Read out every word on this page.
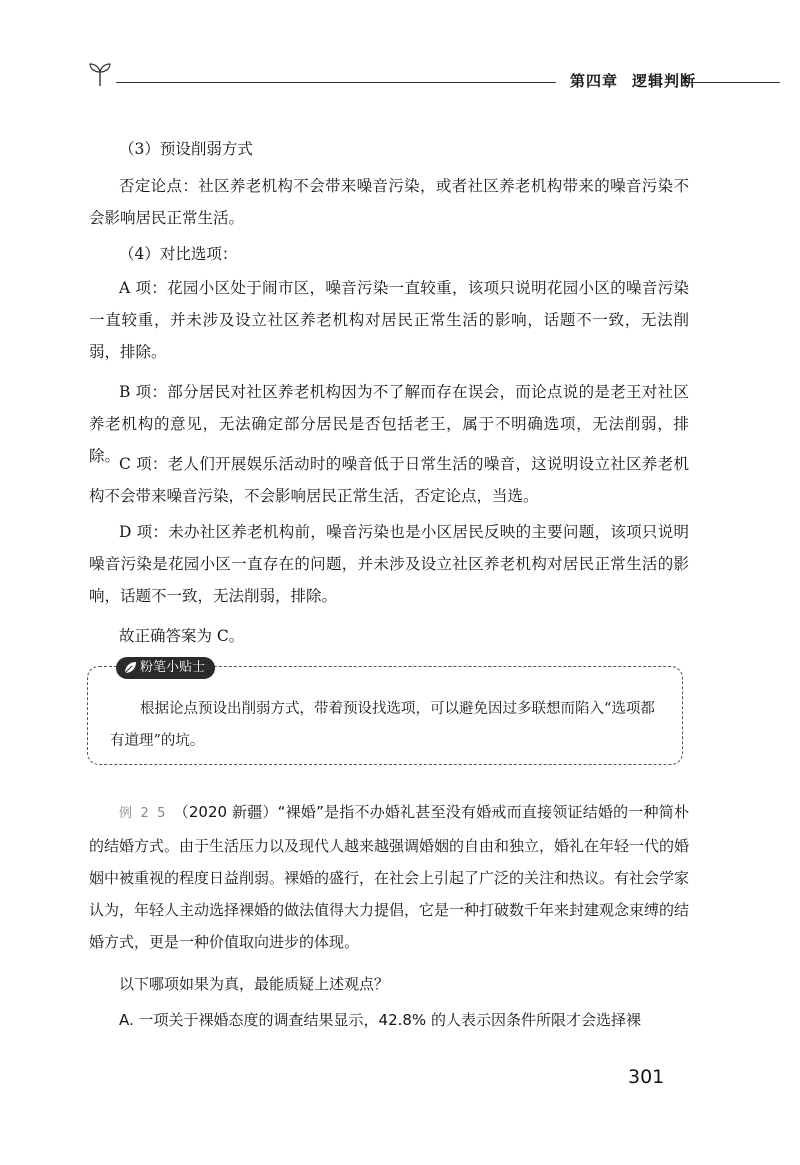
第四章 逻辑判断

（3）预设削弱方式

否定论点：社区养老机构不会带来噪音污染，或者社区养老机构带来的噪音污染不会影响居民正常生活。

（4）对比选项：

A 项：花园小区处于闹市区，噪音污染一直较重，该项只说明花园小区的噪音污染一直较重，并未涉及设立社区养老机构对居民正常生活的影响，话题不一致，无法削弱，排除。

B 项：部分居民对社区养老机构因为不了解而存在误会，而论点说的是老王对社区养老机构的意见，无法确定部分居民是否包括老王，属于不明确选项，无法削弱，排除。

C 项：老人们开展娱乐活动时的噪音低于日常生活的噪音，这说明设立社区养老机构不会带来噪音污染，不会影响居民正常生活，否定论点，当选。

D 项：未办社区养老机构前，噪音污染也是小区居民反映的主要问题，该项只说明噪音污染是花园小区一直存在的问题，并未涉及设立社区养老机构对居民正常生活的影响，话题不一致，无法削弱，排除。

故正确答案为 C。

粉笔小贴士
根据论点预设出削弱方式，带着预设找选项，可以避免因过多联想而陷入“选项都有道理”的坑。

例 2 5 （2020 新疆）“裸婚”是指不办婚礼甚至没有婚戒而直接领证结婚的一种简朴的结婚方式。由于生活压力以及现代人越来越强调婚姻的自由和独立，婚礼在年轻一代的婚姻中被重视的程度日益削弱。裸婚的盛行，在社会上引起了广泛的关注和热议。有社会学家认为，年轻人主动选择裸婚的做法值得大力提倡，它是一种打破数千年来封建观念束缚的结婚方式，更是一种价值取向进步的体现。

以下哪项如果为真，最能质疑上述观点？

A. 一项关于裸婚态度的调查结果显示，42.8% 的人表示因条件所限才会选择裸

301
